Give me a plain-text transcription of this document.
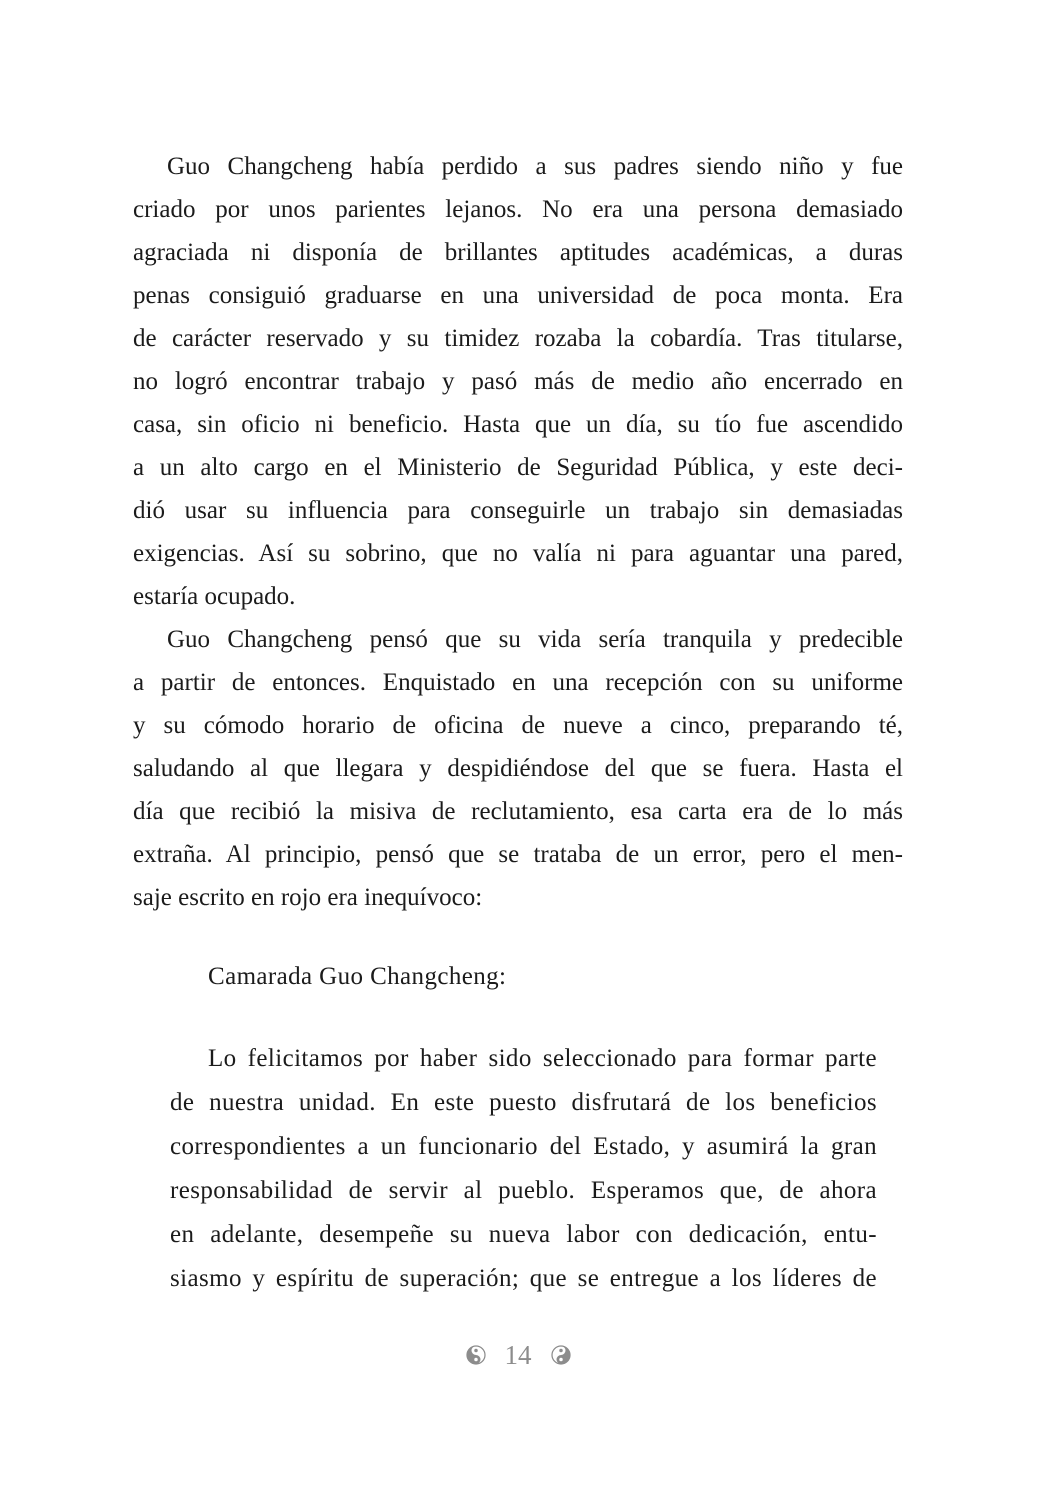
Guo Changcheng había perdido a sus padres siendo niño y fue
criado por unos parientes lejanos. No era una persona demasiado
agraciada ni disponía de brillantes aptitudes académicas, a duras
penas consiguió graduarse en una universidad de poca monta. Era
de carácter reservado y su timidez rozaba la cobardía. Tras titularse,
no logró encontrar trabajo y pasó más de medio año encerrado en
casa, sin oficio ni beneficio. Hasta que un día, su tío fue ascendido
a un alto cargo en el Ministerio de Seguridad Pública, y este deci-
dió usar su influencia para conseguirle un trabajo sin demasiadas
exigencias. Así su sobrino, que no valía ni para aguantar una pared,
estaría ocupado.
Guo Changcheng pensó que su vida sería tranquila y predecible
a partir de entonces. Enquistado en una recepción con su uniforme
y su cómodo horario de oficina de nueve a cinco, preparando té,
saludando al que llegara y despidiéndose del que se fuera. Hasta el
día que recibió la misiva de reclutamiento, esa carta era de lo más
extraña. Al principio, pensó que se trataba de un error, pero el men-
saje escrito en rojo era inequívoco:
Camarada Guo Changcheng:
Lo felicitamos por haber sido seleccionado para formar parte
de nuestra unidad. En este puesto disfrutará de los beneficios
correspondientes a un funcionario del Estado, y asumirá la gran
responsabilidad de servir al pueblo. Esperamos que, de ahora
en adelante, desempeñe su nueva labor con dedicación, entu-
siasmo y espíritu de superación; que se entregue a los líderes de
14
